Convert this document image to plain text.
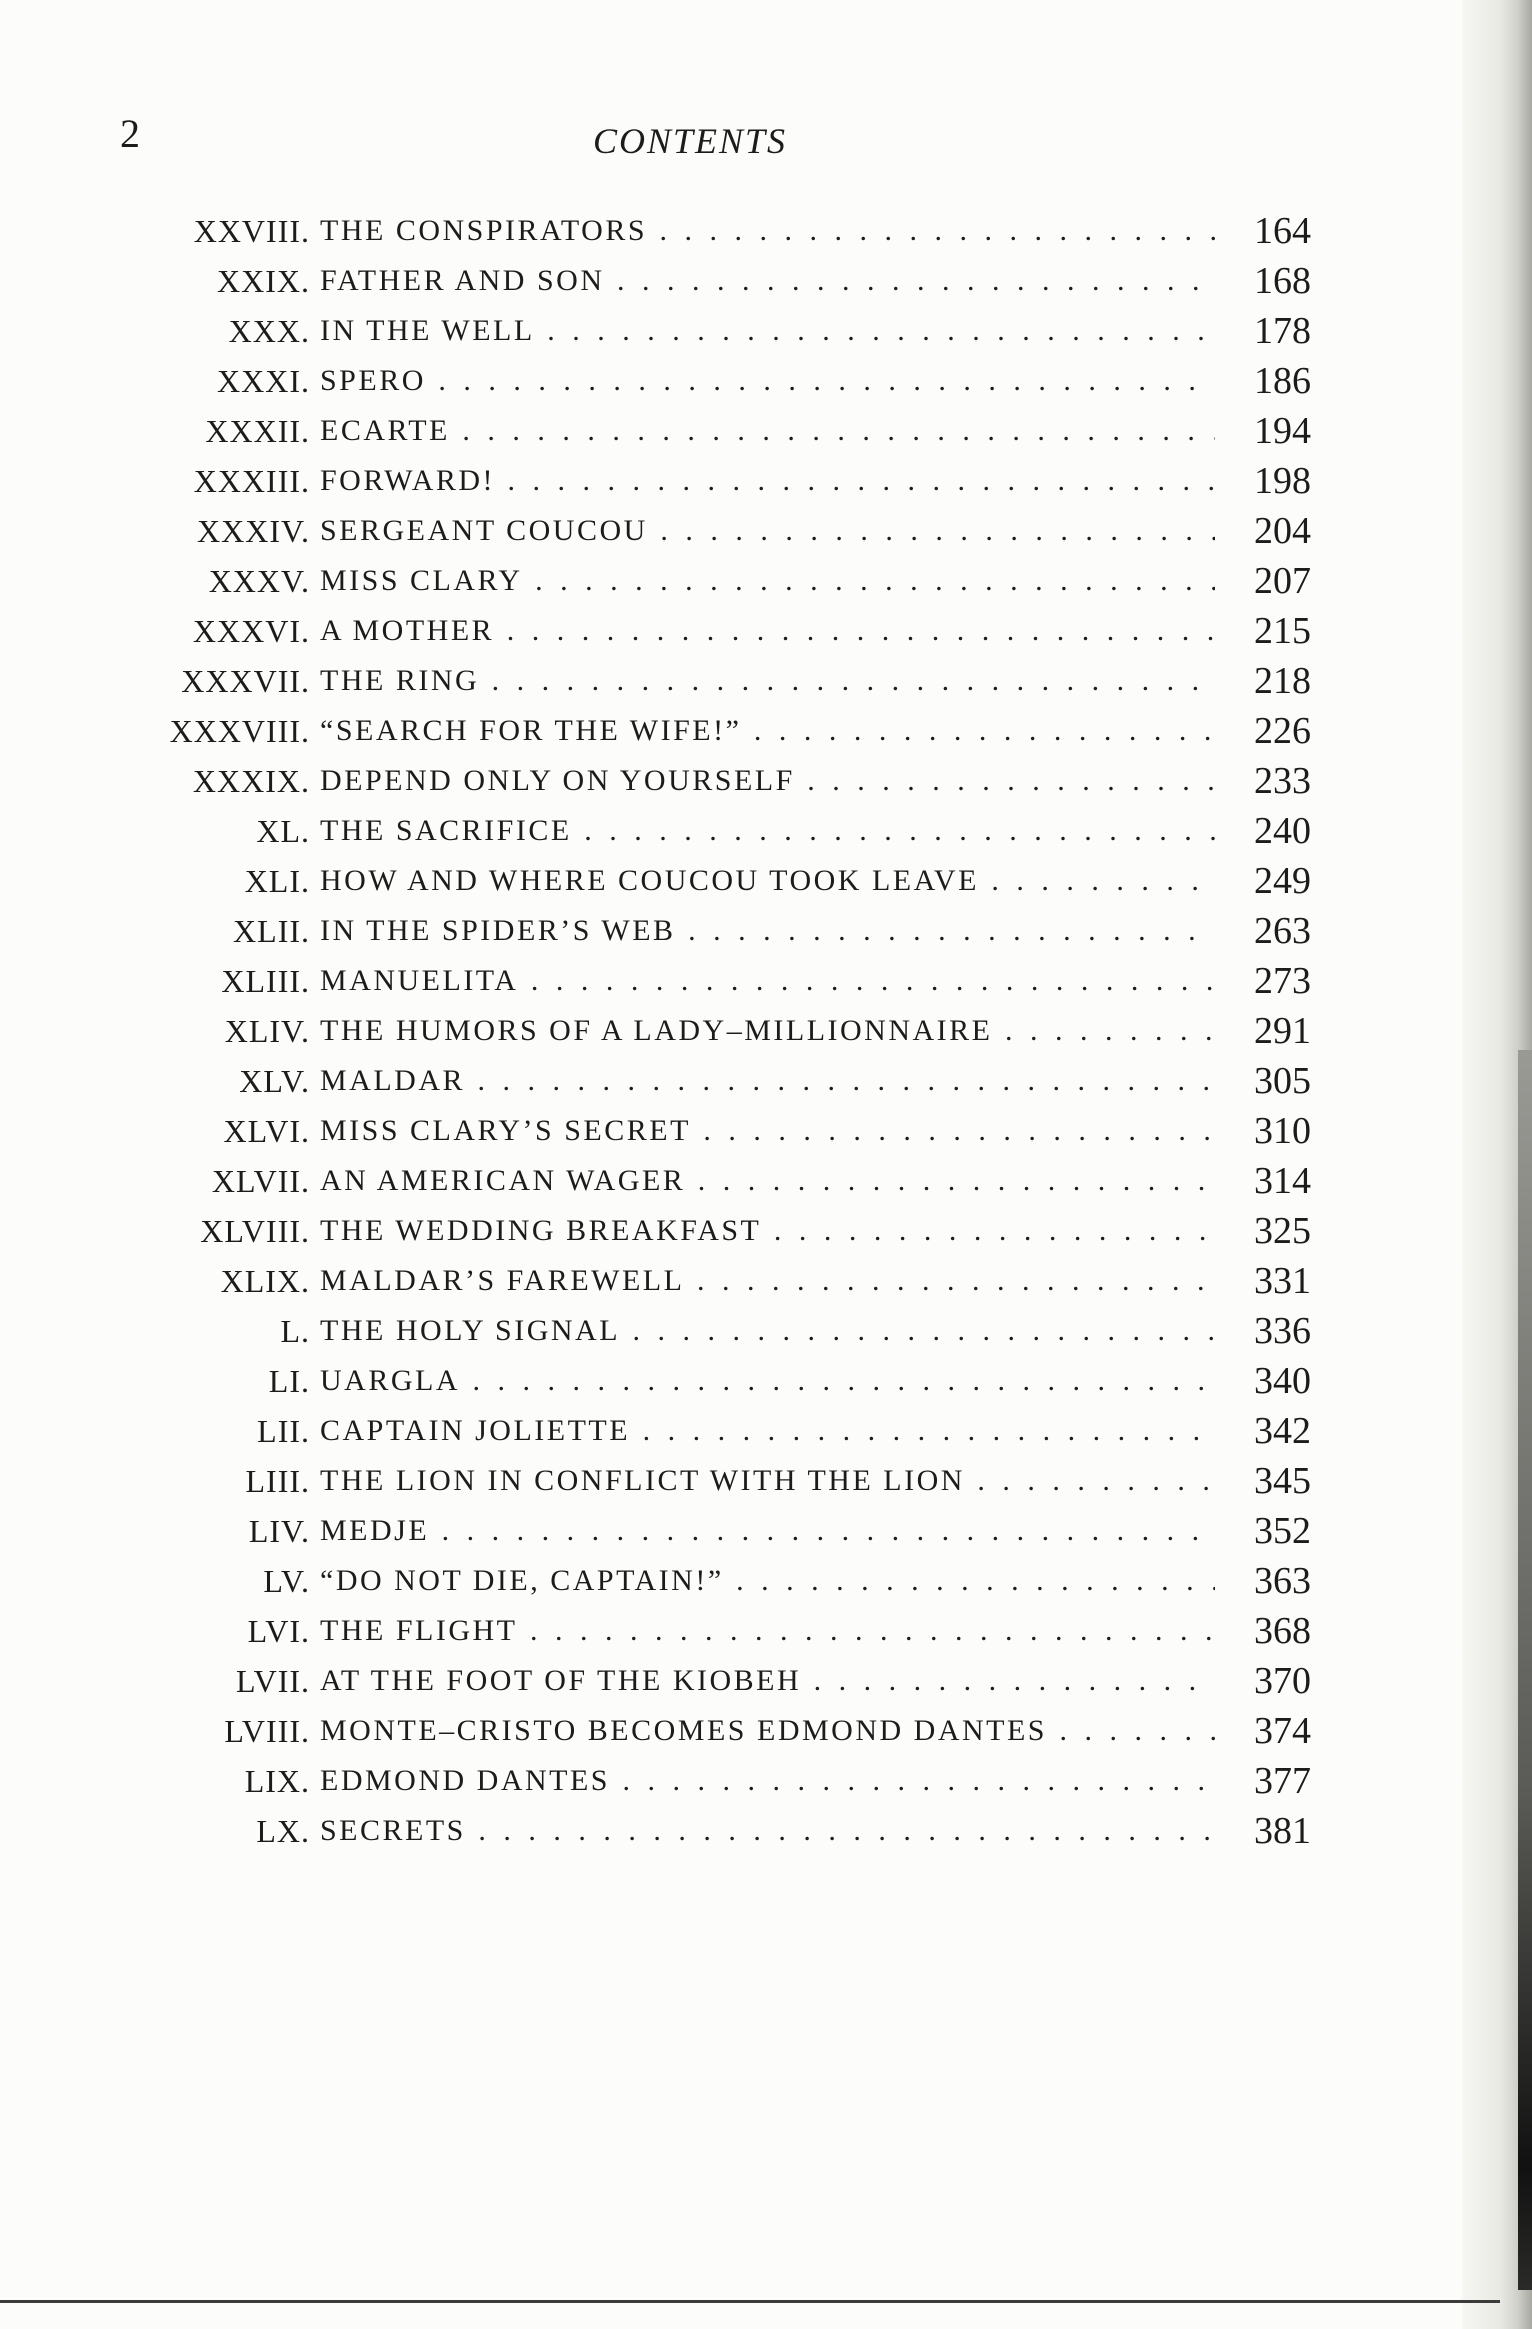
2	CONTENTS
XXVIII. THE CONSPIRATORS . .	164
XXIX. FATHER AND SON . .	168
XXX. IN THE WELL . .	178
XXXI. SPERO . .	186
XXXII. ECARTE . .	194
XXXIII. FORWARD! . .	198
XXXIV. SERGEANT COUCOU . .	204
XXXV. MISS CLARY . .	207
XXXVI. A MOTHER . .	215
XXXVII. THE RING . .	218
XXXVIII. “SEARCH FOR THE WIFE!” . .	226
XXXIX. DEPEND ONLY ON YOURSELF . .	233
XL. THE SACRIFICE . .	240
XLI. HOW AND WHERE COUCOU TOOK LEAVE . .	249
XLII. IN THE SPIDER’S WEB . .	263
XLIII. MANUELITA . .	273
XLIV. THE HUMORS OF A LADY–MILLIONNAIRE . .	291
XLV. MALDAR . .	305
XLVI. MISS CLARY’S SECRET . .	310
XLVII. AN AMERICAN WAGER . .	314
XLVIII. THE WEDDING BREAKFAST . .	325
XLIX. MALDAR’S FAREWELL . .	331
L. THE HOLY SIGNAL . .	336
LI. UARGLA . .	340
LII. CAPTAIN JOLIETTE . .	342
LIII. THE LION IN CONFLICT WITH THE LION . .	345
LIV. MEDJE . .	352
LV. “DO NOT DIE, CAPTAIN!” . .	363
LVI. THE FLIGHT . .	368
LVII. AT THE FOOT OF THE KIOBEH . .	370
LVIII. MONTE–CRISTO BECOMES EDMOND DANTES . .	374
LIX. EDMOND DANTES . .	377
LX. SECRETS . .	381
